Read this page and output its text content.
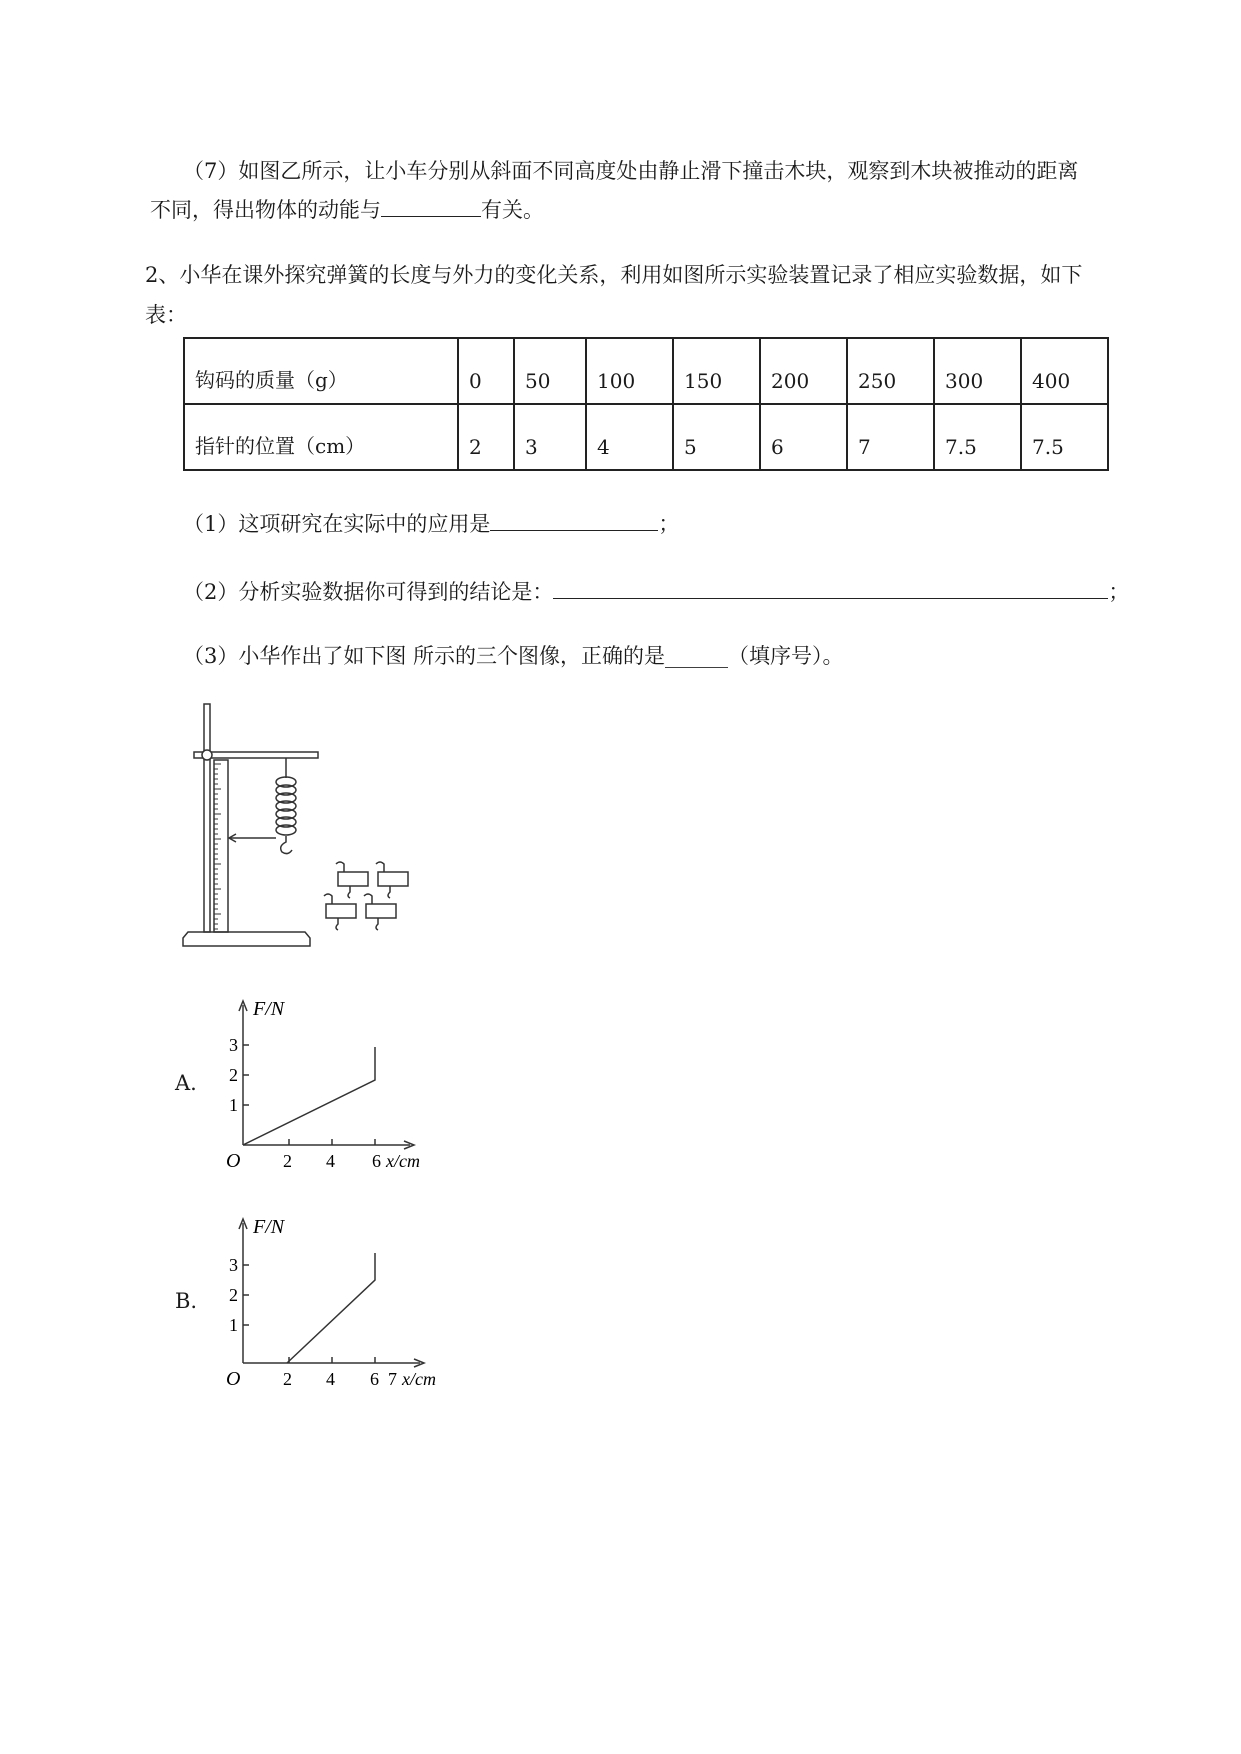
（7）如图乙所示，让小车分别从斜面不同高度处由静止滑下撞击木块，观察到木块被推动的距离
不同，得出物体的动能与	有关。
2、小华在课外探究弹簧的长度与外力的变化关系，利用如图所示实验装置记录了相应实验数据，如下
表：
钩码的质量（g）	0	50	100	150	200	250	300	400
指针的位置（cm）	2	3	4	5	6	7	7.5	7.5
（1）这项研究在实际中的应用是	；
（2）分析实验数据你可得到的结论是：	；
（3）小华作出了如下图 所示的三个图像，正确的是______（填序号）。
A.
F/N
3
2
1
O 2 4 6 x/cm
B.
F/N
3
2
1
O 2 4 6 7 x/cm
